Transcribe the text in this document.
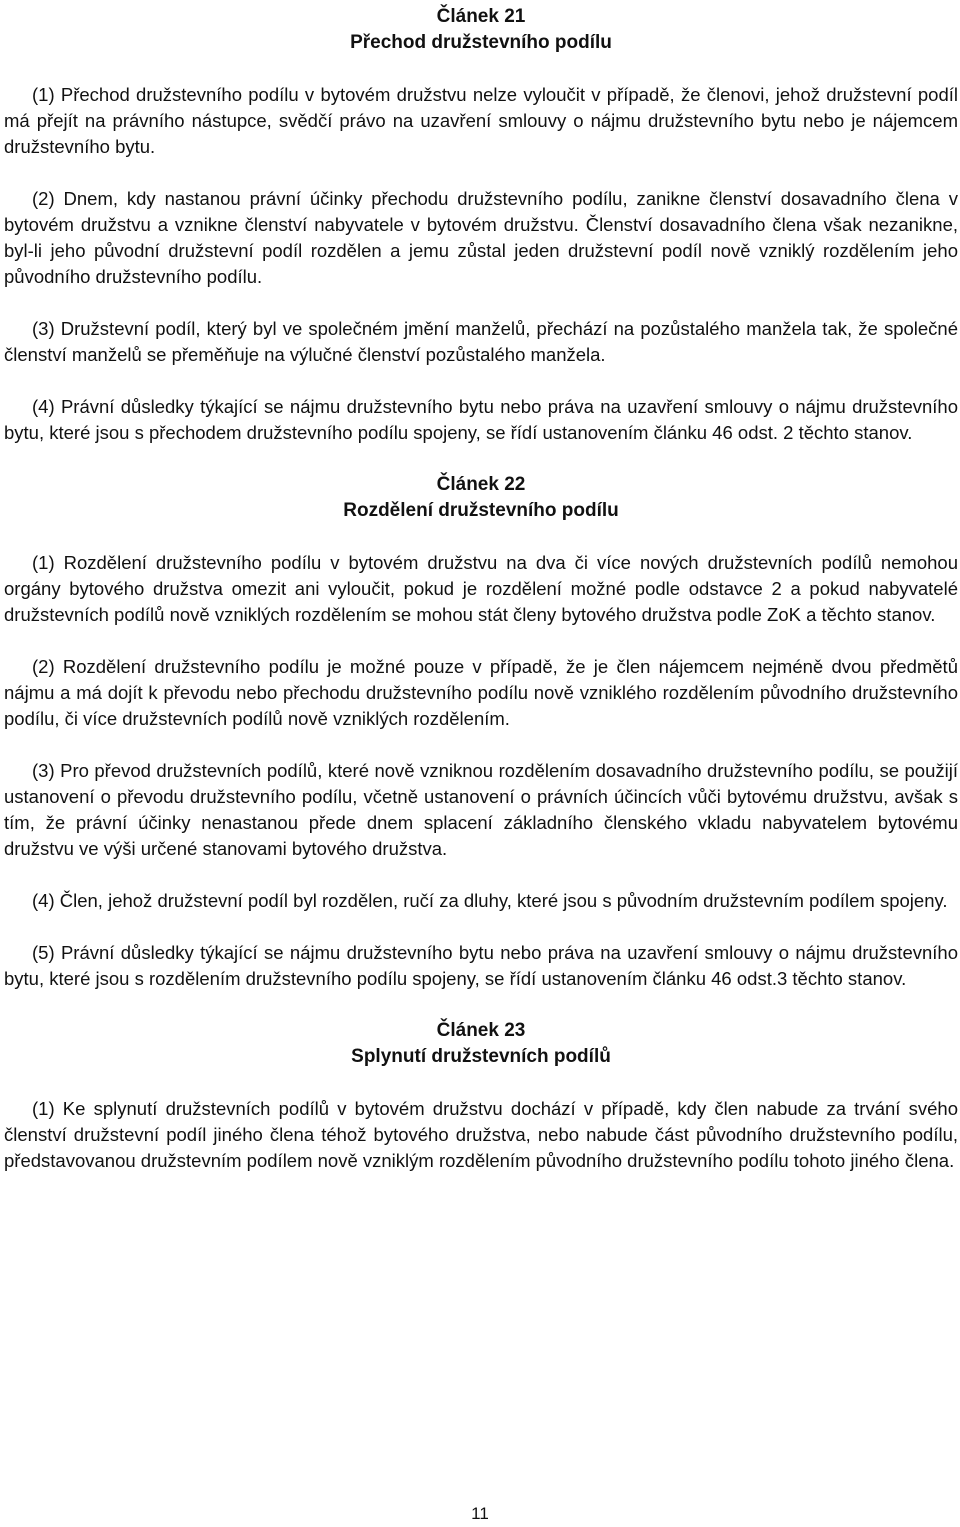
Článek 21
Přechod družstevního podílu

(1) Přechod družstevního podílu v bytovém družstvu nelze vyloučit v případě, že členovi, jehož družstevní podíl má přejít na právního nástupce, svědčí právo na uzavření smlouvy o nájmu družstevního bytu nebo je nájemcem družstevního bytu.

(2) Dnem, kdy nastanou právní účinky přechodu družstevního podílu, zanikne členství dosavadního člena v bytovém družstvu a vznikne členství nabyvatele v bytovém družstvu. Členství dosavadního člena však nezanikne, byl-li jeho původní družstevní podíl rozdělen a jemu zůstal jeden družstevní podíl nově vzniklý rozdělením jeho původního družstevního podílu.

(3) Družstevní podíl, který byl ve společném jmění manželů, přechází na pozůstalého manžela tak, že společné členství manželů se přeměňuje na výlučné členství pozůstalého manžela.

(4) Právní důsledky týkající se nájmu družstevního bytu nebo práva na uzavření smlouvy o nájmu družstevního bytu, které jsou s přechodem družstevního podílu spojeny, se řídí ustanovením článku 46 odst. 2 těchto stanov.

Článek 22
Rozdělení družstevního podílu

(1) Rozdělení družstevního podílu v bytovém družstvu na dva či více nových družstevních podílů nemohou orgány bytového družstva omezit ani vyloučit, pokud je rozdělení možné podle odstavce 2 a pokud nabyvatelé družstevních podílů nově vzniklých rozdělením se mohou stát členy bytového družstva podle ZoK a těchto stanov.

(2) Rozdělení družstevního podílu je možné pouze v případě, že je člen nájemcem nejméně dvou předmětů nájmu a má dojít k převodu nebo přechodu družstevního podílu nově vzniklého rozdělením původního družstevního podílu, či více družstevních podílů nově vzniklých rozdělením.

(3) Pro převod družstevních podílů, které nově vzniknou rozdělením dosavadního družstevního podílu, se použijí ustanovení o převodu družstevního podílu, včetně ustanovení o právních účincích vůči bytovému družstvu, avšak s tím, že právní účinky nenastanou přede dnem splacení základního členského vkladu nabyvatelem bytovému družstvu ve výši určené stanovami bytového družstva.

(4) Člen, jehož družstevní podíl byl rozdělen, ručí za dluhy, které jsou s původním družstevním podílem spojeny.

(5) Právní důsledky týkající se nájmu družstevního bytu nebo práva na uzavření smlouvy o nájmu družstevního bytu, které jsou s rozdělením družstevního podílu spojeny, se řídí ustanovením článku 46 odst.3 těchto stanov.

Článek 23
Splynutí družstevních podílů

(1) Ke splynutí družstevních podílů v bytovém družstvu dochází v případě, kdy člen nabude za trvání svého členství družstevní podíl jiného člena téhož bytového družstva, nebo nabude část původního družstevního podílu, představovanou družstevním podílem nově vzniklým rozdělením původního družstevního podílu tohoto jiného člena.

11
